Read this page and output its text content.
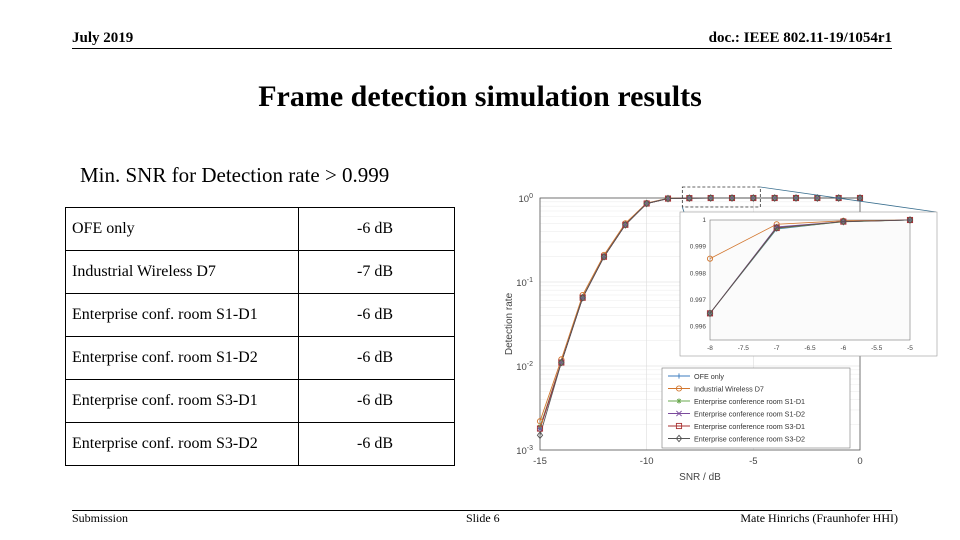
July 2019	doc.: IEEE 802.11-19/1054r1
Frame detection simulation results
Min. SNR for Detection rate > 0.999
OFE only	-6 dB
Industrial Wireless D7	-7 dB
Enterprise conf. room S1-D1	-6 dB
Enterprise conf. room S1-D2	-6 dB
Enterprise conf. room S3-D1	-6 dB
Enterprise conf. room S3-D2	-6 dB
-15	-10	-5	0
$10^{-3}$
$10^{-2}$
$10^{-1}$
$10^0$
SNR / dB
Detection rate	-8	-7.5	-7	-6.5	-6	-5.5	-5
0.996
0.997
0.998
0.999
1
OFE only
Industrial Wireless D7
Enterprise conference room S1-D1
Enterprise conference room S1-D2
Enterprise conference room S3-D1
Enterprise conference room S3-D2
Submission	Slide 6	Mate Hinrichs (Fraunhofer HHI)
